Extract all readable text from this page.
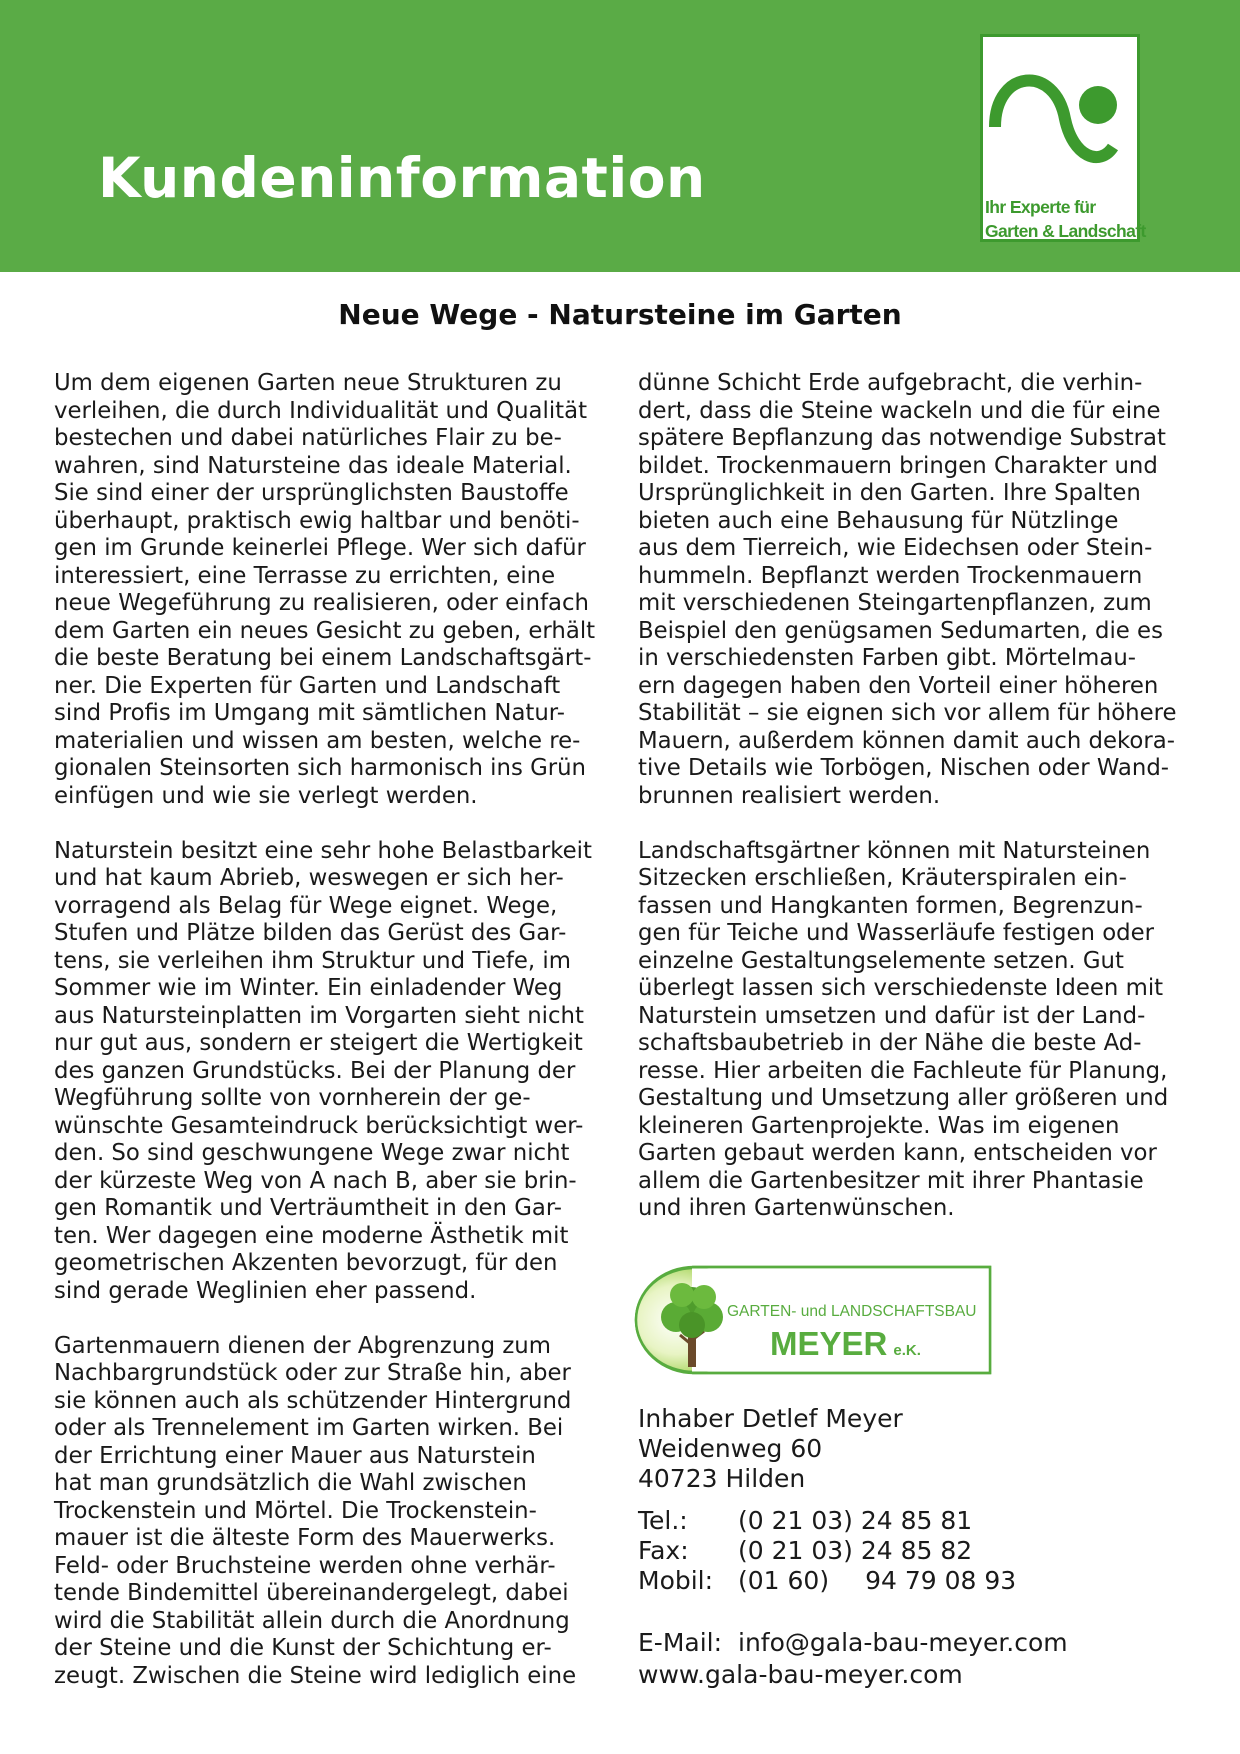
Kundeninformation	Ihr Experte für
Garten & Landschaft
Neue Wege - Natursteine im Garten

Um dem eigenen Garten neue Strukturen zu
verleihen, die durch Individualität und Qualität
bestechen und dabei natürliches Flair zu be-
wahren, sind Natursteine das ideale Material.
Sie sind einer der ursprünglichsten Baustoffe
überhaupt, praktisch ewig haltbar und benöti-
gen im Grunde keinerlei Pflege. Wer sich dafür
interessiert, eine Terrasse zu errichten, eine
neue Wegeführung zu realisieren, oder einfach
dem Garten ein neues Gesicht zu geben, erhält
die beste Beratung bei einem Landschaftsgärt-
ner. Die Experten für Garten und Landschaft
sind Profis im Umgang mit sämtlichen Natur-
materialien und wissen am besten, welche re-
gionalen Steinsorten sich harmonisch ins Grün
einfügen und wie sie verlegt werden.

Naturstein besitzt eine sehr hohe Belastbarkeit
und hat kaum Abrieb, weswegen er sich her-
vorragend als Belag für Wege eignet. Wege,
Stufen und Plätze bilden das Gerüst des Gar-
tens, sie verleihen ihm Struktur und Tiefe, im
Sommer wie im Winter. Ein einladender Weg
aus Natursteinplatten im Vorgarten sieht nicht
nur gut aus, sondern er steigert die Wertigkeit
des ganzen Grundstücks. Bei der Planung der
Wegführung sollte von vornherein der ge-
wünschte Gesamteindruck berücksichtigt wer-
den. So sind geschwungene Wege zwar nicht
der kürzeste Weg von A nach B, aber sie brin-
gen Romantik und Verträumtheit in den Gar-
ten. Wer dagegen eine moderne Ästhetik mit
geometrischen Akzenten bevorzugt, für den
sind gerade Weglinien eher passend.

Gartenmauern dienen der Abgrenzung zum
Nachbargrundstück oder zur Straße hin, aber
sie können auch als schützender Hintergrund
oder als Trennelement im Garten wirken. Bei
der Errichtung einer Mauer aus Naturstein
hat man grundsätzlich die Wahl zwischen
Trockenstein und Mörtel. Die Trockenstein-
mauer ist die älteste Form des Mauerwerks.
Feld- oder Bruchsteine werden ohne verhär-
tende Bindemittel übereinandergelegt, dabei
wird die Stabilität allein durch die Anordnung
der Steine und die Kunst der Schichtung er-
zeugt. Zwischen die Steine wird lediglich eine

dünne Schicht Erde aufgebracht, die verhin-
dert, dass die Steine wackeln und die für eine
spätere Bepflanzung das notwendige Substrat
bildet. Trockenmauern bringen Charakter und
Ursprünglichkeit in den Garten. Ihre Spalten
bieten auch eine Behausung für Nützlinge
aus dem Tierreich, wie Eidechsen oder Stein-
hummeln. Bepflanzt werden Trockenmauern
mit verschiedenen Steingartenpflanzen, zum
Beispiel den genügsamen Sedumarten, die es
in verschiedensten Farben gibt. Mörtelmau-
ern dagegen haben den Vorteil einer höheren
Stabilität – sie eignen sich vor allem für höhere
Mauern, außerdem können damit auch dekora-
tive Details wie Torbögen, Nischen oder Wand-
brunnen realisiert werden.

Landschaftsgärtner können mit Natursteinen
Sitzecken erschließen, Kräuterspiralen ein-
fassen und Hangkanten formen, Begrenzun-
gen für Teiche und Wasserläufe festigen oder
einzelne Gestaltungselemente setzen. Gut
überlegt lassen sich verschiedenste Ideen mit
Naturstein umsetzen und dafür ist der Land-
schaftsbaubetrieb in der Nähe die beste Ad-
resse. Hier arbeiten die Fachleute für Planung,
Gestaltung und Umsetzung aller größeren und
kleineren Gartenprojekte. Was im eigenen
Garten gebaut werden kann, entscheiden vor
allem die Gartenbesitzer mit ihrer Phantasie
und ihren Gartenwünschen.

GARTEN- und LANDSCHAFTSBAU
MEYER e.K.
Inhaber Detlef Meyer
Weidenweg 60
40723 Hilden
Tel.: (0 21 03) 24 85 81
Fax: (0 21 03) 24 85 82
Mobil: (01 60) 94 79 08 93
E-Mail: info@gala-bau-meyer.com
www.gala-bau-meyer.com
